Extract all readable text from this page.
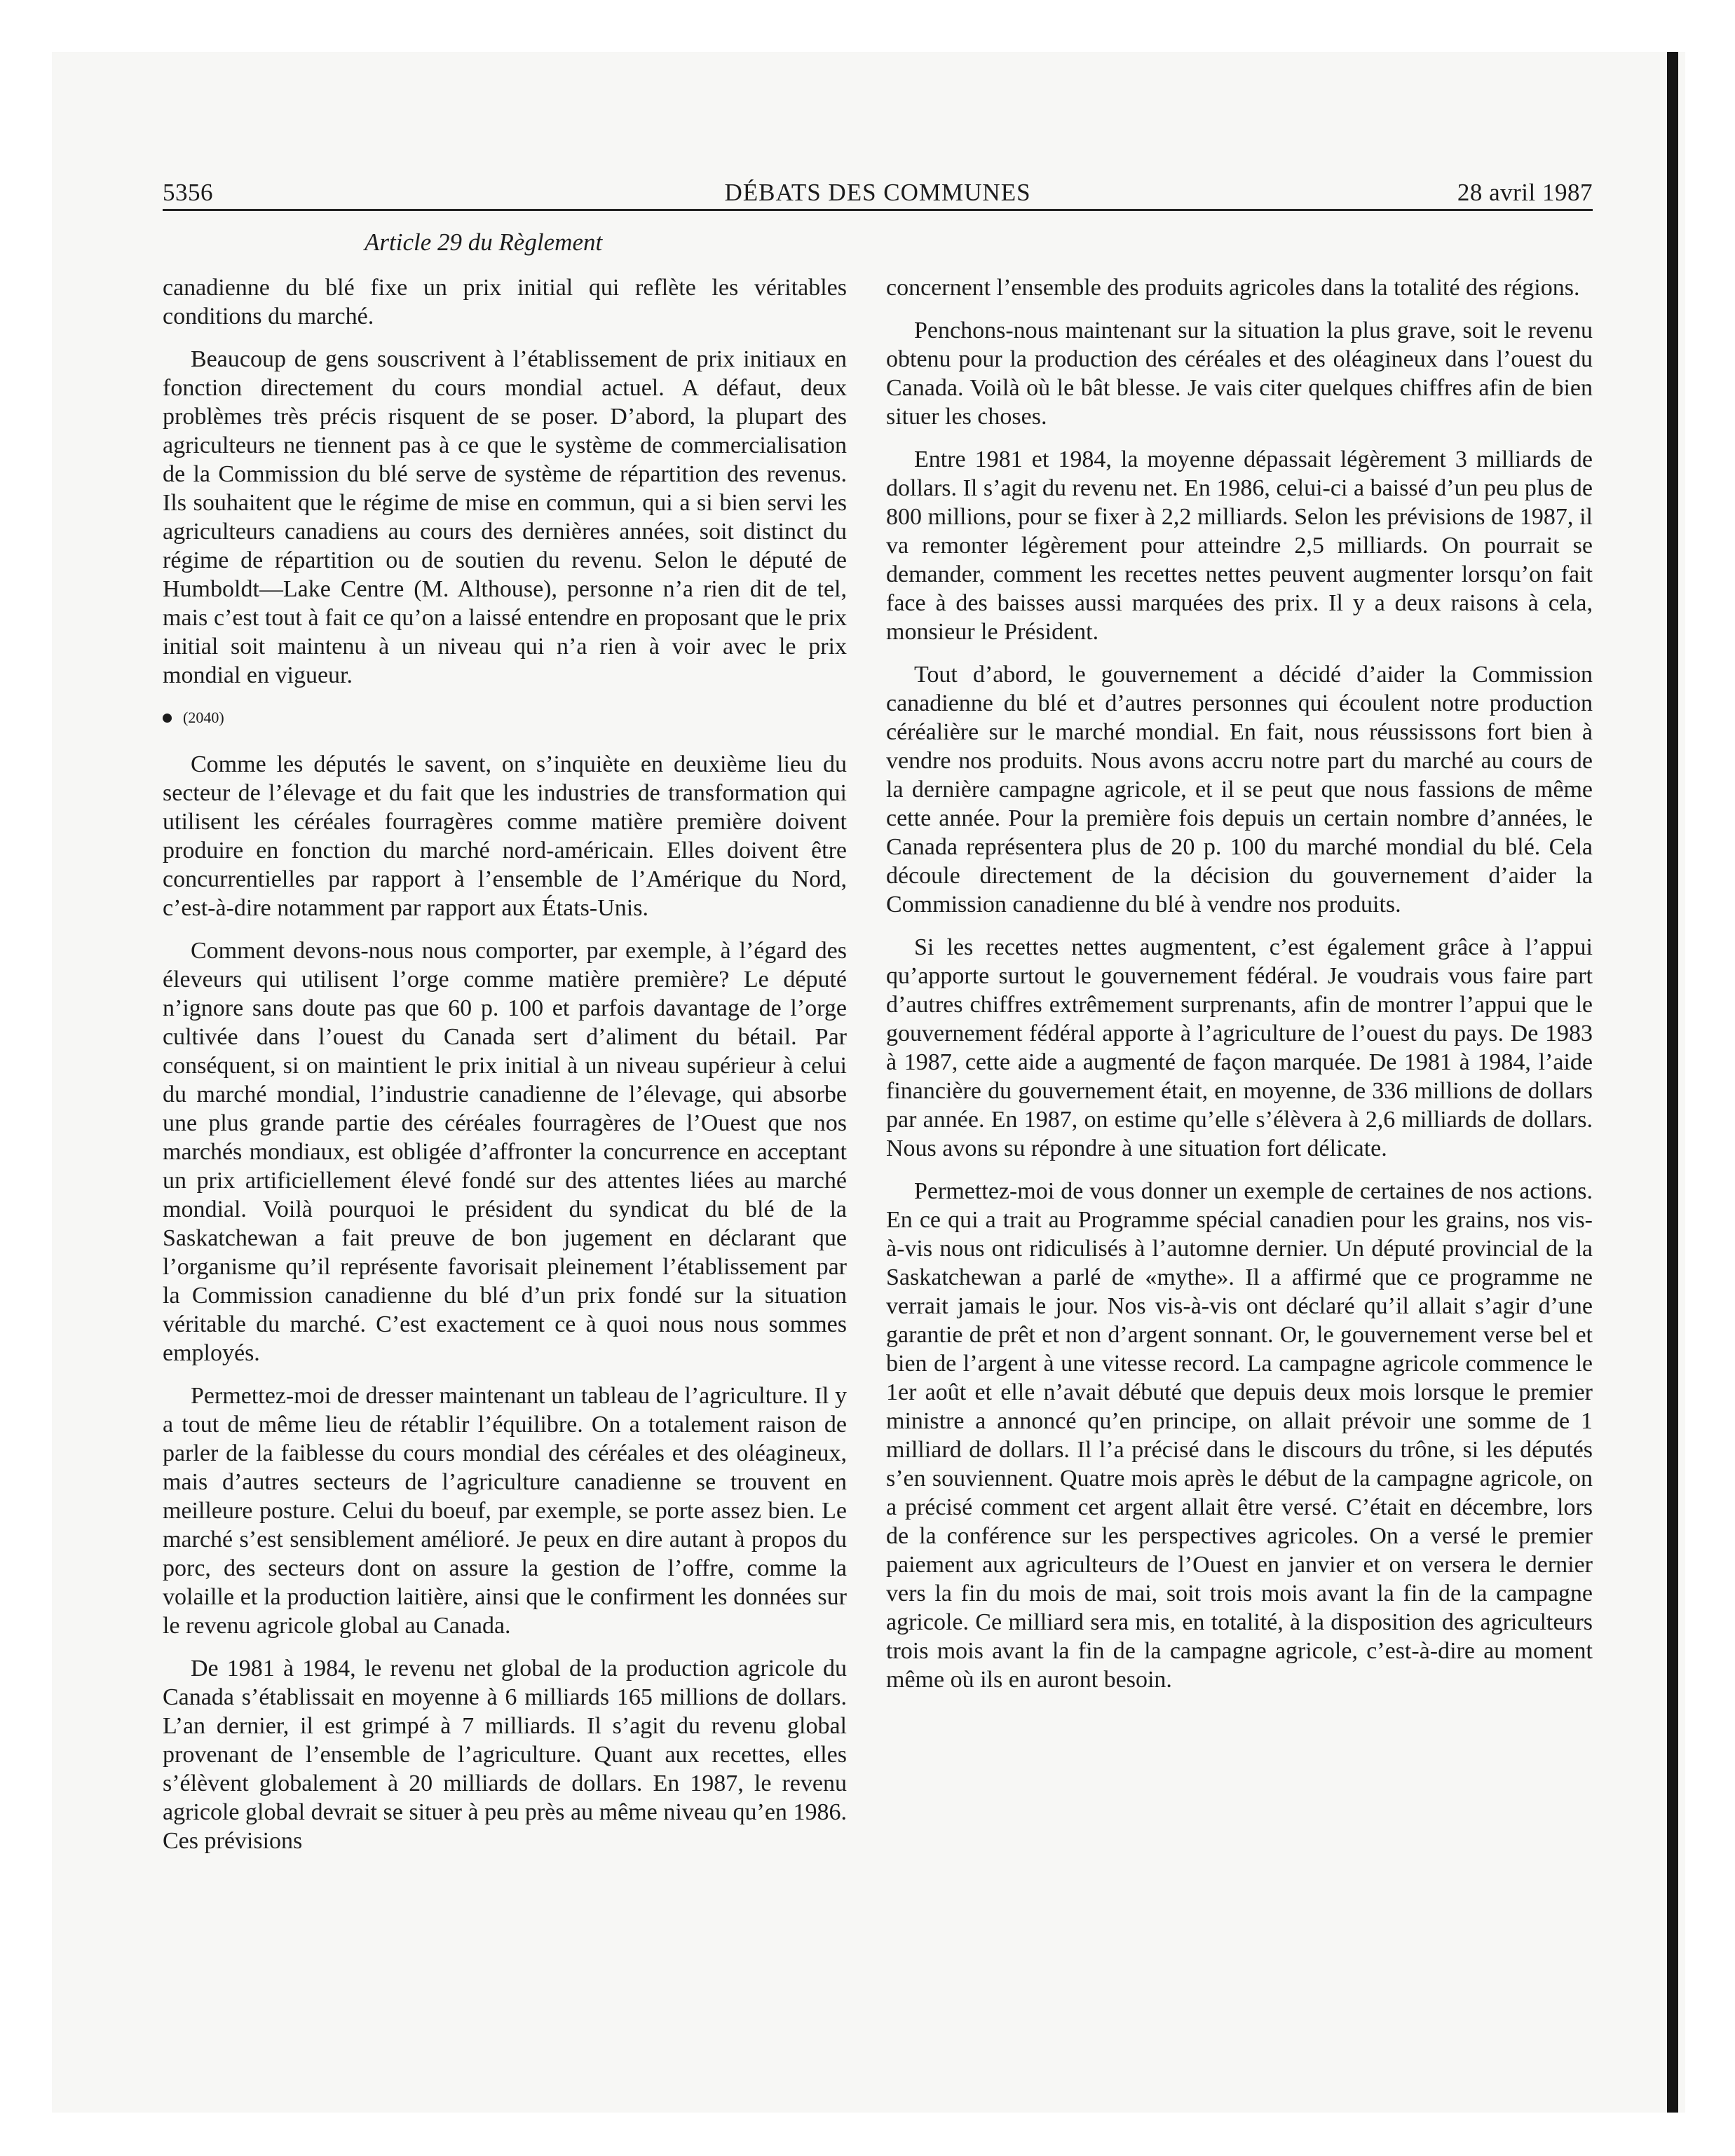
5356	DÉBATS DES COMMUNES	28 avril 1987
Article 29 du Règlement

canadienne du blé fixe un prix initial qui reflète les véritables conditions du marché.

Beaucoup de gens souscrivent à l’établissement de prix initiaux en fonction directement du cours mondial actuel. A défaut, deux problèmes très précis risquent de se poser. D’abord, la plupart des agriculteurs ne tiennent pas à ce que le système de commercialisation de la Commission du blé serve de système de répartition des revenus. Ils souhaitent que le régime de mise en commun, qui a si bien servi les agriculteurs canadiens au cours des dernières années, soit distinct du régime de répartition ou de soutien du revenu. Selon le député de Humboldt—Lake Centre (M. Althouse), personne n’a rien dit de tel, mais c’est tout à fait ce qu’on a laissé entendre en proposant que le prix initial soit maintenu à un niveau qui n’a rien à voir avec le prix mondial en vigueur.

(2040)

Comme les députés le savent, on s’inquiète en deuxième lieu du secteur de l’élevage et du fait que les industries de transformation qui utilisent les céréales fourragères comme matière première doivent produire en fonction du marché nord-américain. Elles doivent être concurrentielles par rapport à l’ensemble de l’Amérique du Nord, c’est-à-dire notamment par rapport aux États-Unis.

Comment devons-nous nous comporter, par exemple, à l’égard des éleveurs qui utilisent l’orge comme matière première? Le député n’ignore sans doute pas que 60 p. 100 et parfois davantage de l’orge cultivée dans l’ouest du Canada sert d’aliment du bétail. Par conséquent, si on maintient le prix initial à un niveau supérieur à celui du marché mondial, l’industrie canadienne de l’élevage, qui absorbe une plus grande partie des céréales fourragères de l’Ouest que nos marchés mondiaux, est obligée d’affronter la concurrence en acceptant un prix artificiellement élevé fondé sur des attentes liées au marché mondial. Voilà pourquoi le président du syndicat du blé de la Saskatchewan a fait preuve de bon jugement en déclarant que l’organisme qu’il représente favorisait pleinement l’établissement par la Commission canadienne du blé d’un prix fondé sur la situation véritable du marché. C’est exactement ce à quoi nous nous sommes employés.

Permettez-moi de dresser maintenant un tableau de l’agriculture. Il y a tout de même lieu de rétablir l’équilibre. On a totalement raison de parler de la faiblesse du cours mondial des céréales et des oléagineux, mais d’autres secteurs de l’agriculture canadienne se trouvent en meilleure posture. Celui du boeuf, par exemple, se porte assez bien. Le marché s’est sensiblement amélioré. Je peux en dire autant à propos du porc, des secteurs dont on assure la gestion de l’offre, comme la volaille et la production laitière, ainsi que le confirment les données sur le revenu agricole global au Canada.

De 1981 à 1984, le revenu net global de la production agricole du Canada s’établissait en moyenne à 6 milliards 165 millions de dollars. L’an dernier, il est grimpé à 7 milliards. Il s’agit du revenu global provenant de l’ensemble de l’agriculture. Quant aux recettes, elles s’élèvent globalement à 20 milliards de dollars. En 1987, le revenu agricole global devrait se situer à peu près au même niveau qu’en 1986. Ces prévisions

concernent l’ensemble des produits agricoles dans la totalité des régions.

Penchons-nous maintenant sur la situation la plus grave, soit le revenu obtenu pour la production des céréales et des oléagineux dans l’ouest du Canada. Voilà où le bât blesse. Je vais citer quelques chiffres afin de bien situer les choses.

Entre 1981 et 1984, la moyenne dépassait légèrement 3 milliards de dollars. Il s’agit du revenu net. En 1986, celui-ci a baissé d’un peu plus de 800 millions, pour se fixer à 2,2 milliards. Selon les prévisions de 1987, il va remonter légèrement pour atteindre 2,5 milliards. On pourrait se demander, comment les recettes nettes peuvent augmenter lorsqu’on fait face à des baisses aussi marquées des prix. Il y a deux raisons à cela, monsieur le Président.

Tout d’abord, le gouvernement a décidé d’aider la Commission canadienne du blé et d’autres personnes qui écoulent notre production céréalière sur le marché mondial. En fait, nous réussissons fort bien à vendre nos produits. Nous avons accru notre part du marché au cours de la dernière campagne agricole, et il se peut que nous fassions de même cette année. Pour la première fois depuis un certain nombre d’années, le Canada représentera plus de 20 p. 100 du marché mondial du blé. Cela découle directement de la décision du gouvernement d’aider la Commission canadienne du blé à vendre nos produits.

Si les recettes nettes augmentent, c’est également grâce à l’appui qu’apporte surtout le gouvernement fédéral. Je voudrais vous faire part d’autres chiffres extrêmement surprenants, afin de montrer l’appui que le gouvernement fédéral apporte à l’agriculture de l’ouest du pays. De 1983 à 1987, cette aide a augmenté de façon marquée. De 1981 à 1984, l’aide financière du gouvernement était, en moyenne, de 336 millions de dollars par année. En 1987, on estime qu’elle s’élèvera à 2,6 milliards de dollars. Nous avons su répondre à une situation fort délicate.

Permettez-moi de vous donner un exemple de certaines de nos actions. En ce qui a trait au Programme spécial canadien pour les grains, nos vis-à-vis nous ont ridiculisés à l’automne dernier. Un député provincial de la Saskatchewan a parlé de «mythe». Il a affirmé que ce programme ne verrait jamais le jour. Nos vis-à-vis ont déclaré qu’il allait s’agir d’une garantie de prêt et non d’argent sonnant. Or, le gouvernement verse bel et bien de l’argent à une vitesse record. La campagne agricole commence le 1er août et elle n’avait débuté que depuis deux mois lorsque le premier ministre a annoncé qu’en principe, on allait prévoir une somme de 1 milliard de dollars. Il l’a précisé dans le discours du trône, si les députés s’en souviennent. Quatre mois après le début de la campagne agricole, on a précisé comment cet argent allait être versé. C’était en décembre, lors de la conférence sur les perspectives agricoles. On a versé le premier paiement aux agriculteurs de l’Ouest en janvier et on versera le dernier vers la fin du mois de mai, soit trois mois avant la fin de la campagne agricole. Ce milliard sera mis, en totalité, à la disposition des agriculteurs trois mois avant la fin de la campagne agricole, c’est-à-dire au moment même où ils en auront besoin.
